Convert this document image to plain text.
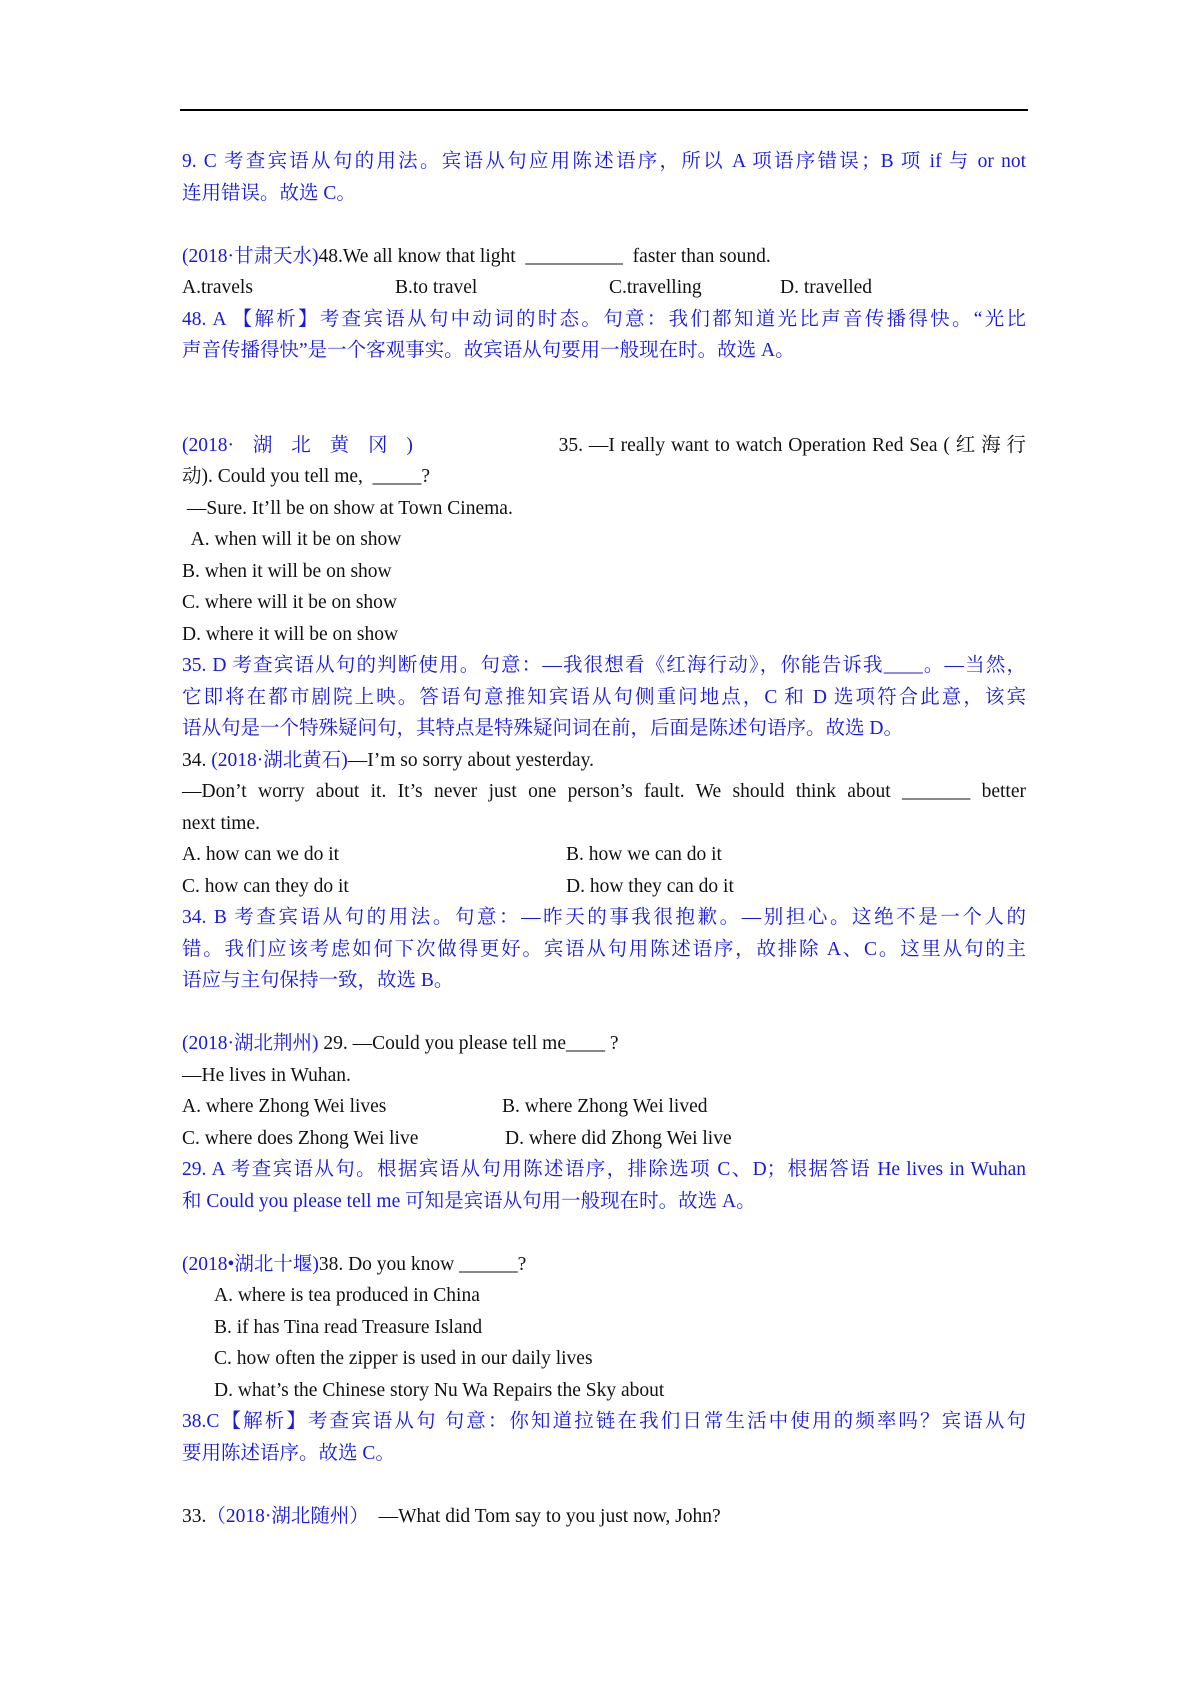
9. C 考查宾语从句的用法。宾语从句应用陈述语序，所以 A 项语序错误；B 项 if 与 or not
连用错误。故选 C。
(2018·甘肃天水)48.We all know that light  __________  faster than sound.

A.travels

	B.to travel

	C.travelling

	D. travelled

48. A 【解析】考查宾语从句中动词的时态。句意：我们都知道光比声音传播得快。“光比
声音传播得快”是一个客观事实。故宾语从句要用一般现在时。故选 A。
(2018· 湖 北 黄 冈 )	35. —I really want to watch Operation Red Sea ( 红 海 行
动). Could you tell me,  _____?
—Sure. It’ll be on show at Town Cinema.
A. when will it be on show
B. when it will be on show
C. where will it be on show
D. where it will be on show
35. D 考查宾语从句的判断使用。句意：—我很想看《红海行动》，你能告诉我____。—当然，
它即将在都市剧院上映。答语句意推知宾语从句侧重问地点，C 和 D 选项符合此意，该宾
语从句是一个特殊疑问句，其特点是特殊疑问词在前，后面是陈述句语序。故选 D。
34. (2018·湖北黄石)—I’m so sorry about yesterday.
—Don’t worry about it. It’s never just one person’s fault. We should think about _______ better
next time.

A. how can we do it

	B. how we can do it

C. how can they do it

	D. how they can do it

34. B 考查宾语从句的用法。句意：—昨天的事我很抱歉。—别担心。这绝不是一个人的
错。我们应该考虑如何下次做得更好。宾语从句用陈述语序，故排除 A、C。这里从句的主
语应与主句保持一致，故选 B。
(2018·湖北荆州) 29. —Could you please tell me____ ?
—He lives in Wuhan.

A. where Zhong Wei lives

	B. where Zhong Wei lived

C. where does Zhong Wei live

	D. where did Zhong Wei live

29. A 考查宾语从句。根据宾语从句用陈述语序，排除选项 C、D；根据答语 He lives in Wuhan
和 Could you please tell me 可知是宾语从句用一般现在时。故选 A。
(2018•湖北十堰)38. Do you know ______?
A. where is tea produced in China
B. if has Tina read Treasure Island
C. how often the zipper is used in our daily lives
D. what’s the Chinese story Nu Wa Repairs the Sky about
38.C【解析】考查宾语从句 句意：你知道拉链在我们日常生活中使用的频率吗？宾语从句
要用陈述语序。故选 C。
33.（2018·湖北随州）  —What did Tom say to you just now, John?
